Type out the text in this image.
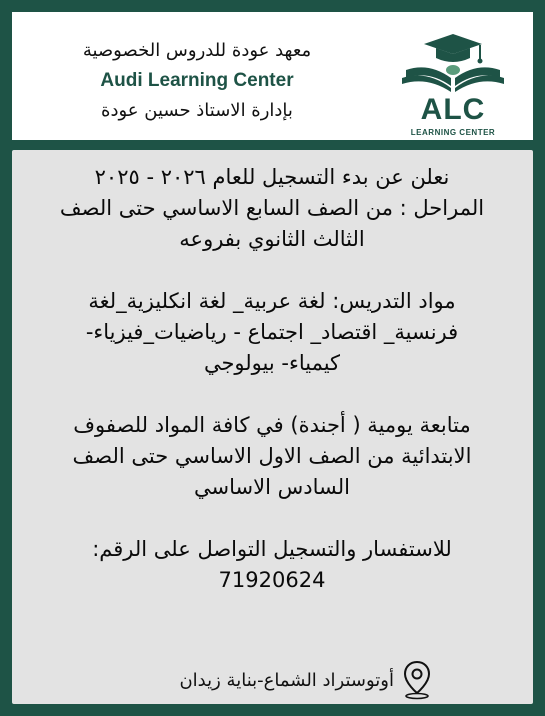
معهد عودة للدروس الخصوصية
Audi Learning Center
بإدارة الاستاذ حسين عودة	ALC
LEARNING CENTER
نعلن عن بدء التسجيل للعام ٢٠٢٦ - ٢٠٢٥
المراحل : من الصف السابع الاساسي حتى الصف
الثالث الثانوي بفروعه
مواد التدريس: لغة عربية_ لغة انكليزية_لغة
فرنسية_ اقتصاد_ اجتماع - رياضيات_فيزياء-
كيمياء- بيولوجي
متابعة يومية ( أجندة) في كافة المواد للصفوف
الابتدائية من الصف الاول الاساسي حتى الصف
السادس الاساسي
للاستفسار والتسجيل التواصل على الرقم:
71920624
أوتوستراد الشماع-بناية زيدان
